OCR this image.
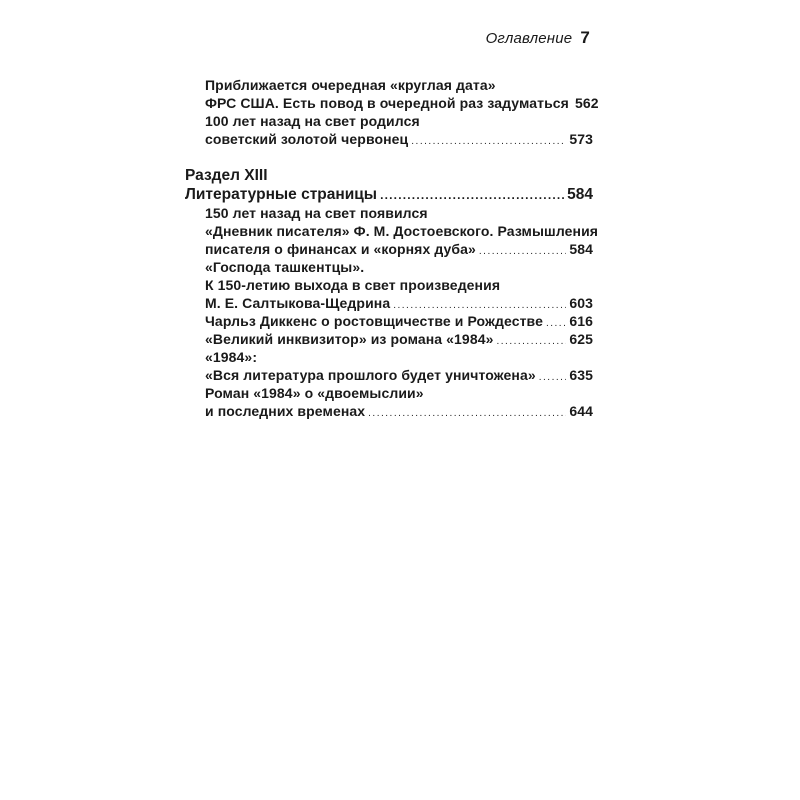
Оглавление 7
Приближается очередная «круглая дата»
ФРС США. Есть повод в очередной раз задуматься 562
100 лет назад на свет родился
советский золотой червонец .....	573
Раздел XIII
Литературные страницы .....	584
150 лет назад на свет появился
«Дневник писателя» Ф. М. Достоевского. Размышления
писателя о финансах и «корнях дуба» .....	584
«Господа ташкентцы».
К 150-летию выхода в свет произведения
М. Е. Салтыкова-Щедрина .....	603
Чарльз Диккенс о ростовщичестве и Рождестве ..... 616
«Великий инквизитор» из романа «1984» .....	625
«1984»:
«Вся литература прошлого будет уничтожена» ..... 635
Роман «1984» о «двоемыслии»
и последних временах .....	644
